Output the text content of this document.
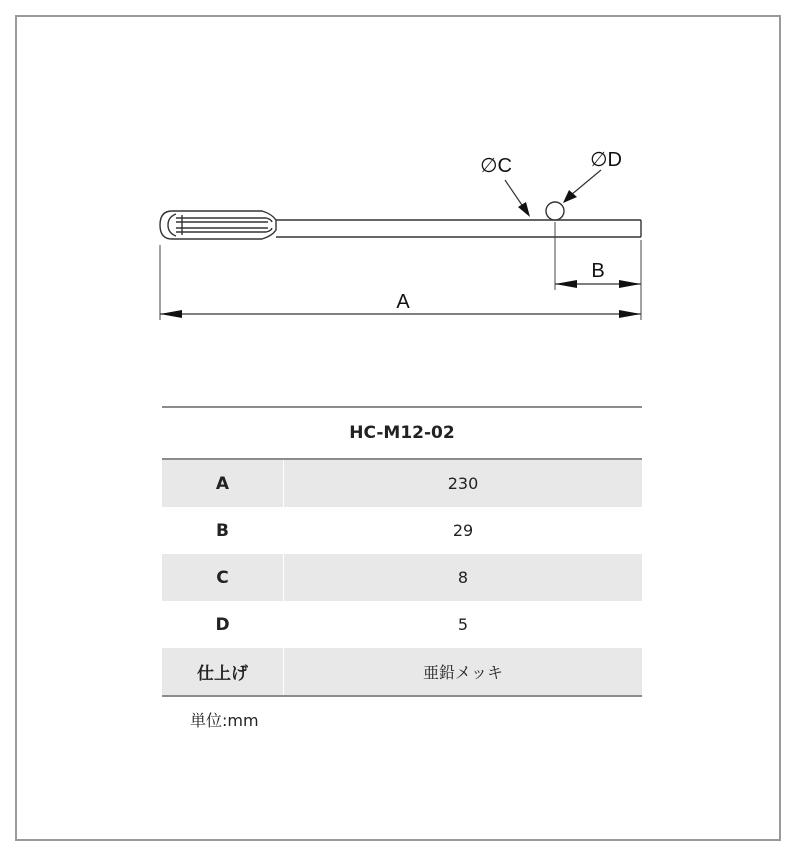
A
B
∅C	∅D
HC-M12-02
A	230
B	29
C	8
D	5
仕上げ	亜鉛メッキ
単位:mm
